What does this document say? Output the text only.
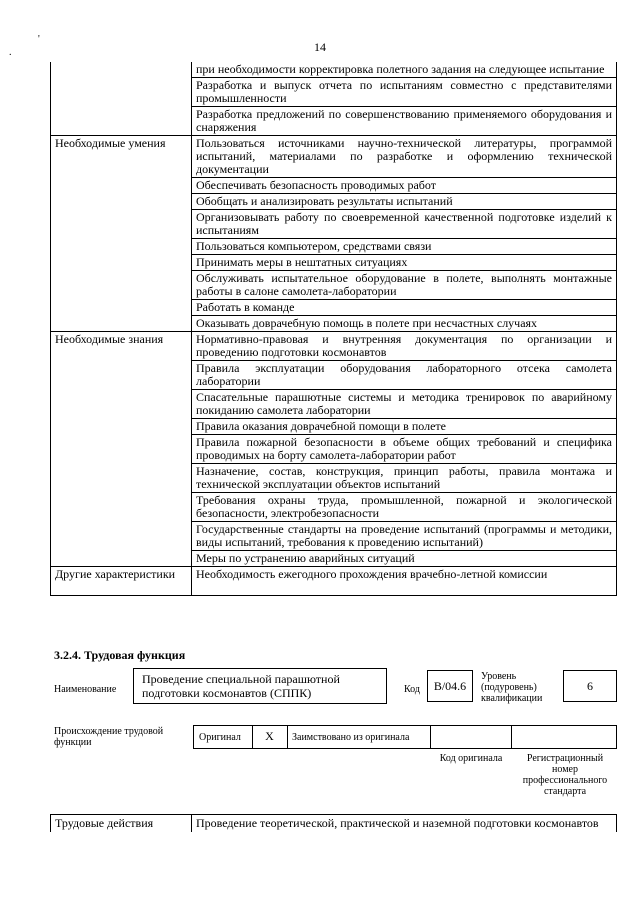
.
'
14
	при необходимости корректировка полетного задания на следующее испытание
	Разработка и выпуск отчета по испытаниям совместно с представителями промышленности
	Разработка предложений по совершенствованию применяемого оборудования и снаряжения
Необходимые умения	Пользоваться источниками научно-технической литературы, программой испытаний, материалами по разработке и оформлению технической документации
	Обеспечивать безопасность проводимых работ
	Обобщать и анализировать результаты испытаний
	Организовывать работу по своевременной качественной подготовке изделий к испытаниям
	Пользоваться компьютером, средствами связи
	Принимать меры в нештатных ситуациях
	Обслуживать испытательное оборудование в полете, выполнять монтажные работы в салоне самолета-лаборатории
	Работать в команде
	Оказывать доврачебную помощь в полете при несчастных случаях
Необходимые знания	Нормативно-правовая и внутренняя документация по организации и проведению подготовки космонавтов
	Правила эксплуатации оборудования лабораторного отсека самолета лаборатории
	Спасательные парашютные системы и методика тренировок по аварийному покиданию самолета лаборатории
	Правила оказания доврачебной помощи в полете
	Правила пожарной безопасности в объеме общих требований и специфика проводимых на борту самолета-лаборатории работ
	Назначение, состав, конструкция, принцип работы, правила монтажа и технической эксплуатации объектов испытаний
	Требования охраны труда, промышленной, пожарной и экологической безопасности, электробезопасности
	Государственные стандарты на проведение испытаний (программы и методики, виды испытаний, требования к проведению испытаний)
	Меры по устранению аварийных ситуаций
Другие характеристики	Необходимость ежегодного прохождения врачебно-летной комиссии
3.2.4. Трудовая функция
Наименование
Проведение специальной парашютной подготовки космонавтов (СППК)	Код	B/04.6
Уровень (подуровень) квалификации
6
Происхождение трудовой функции	Оригинал	X	Заимствовано из оригинала
Код оригинала	Регистрационный номер профессионального стандарта
Трудовые действия	Проведение теоретической, практической и наземной подготовки космонавтов
